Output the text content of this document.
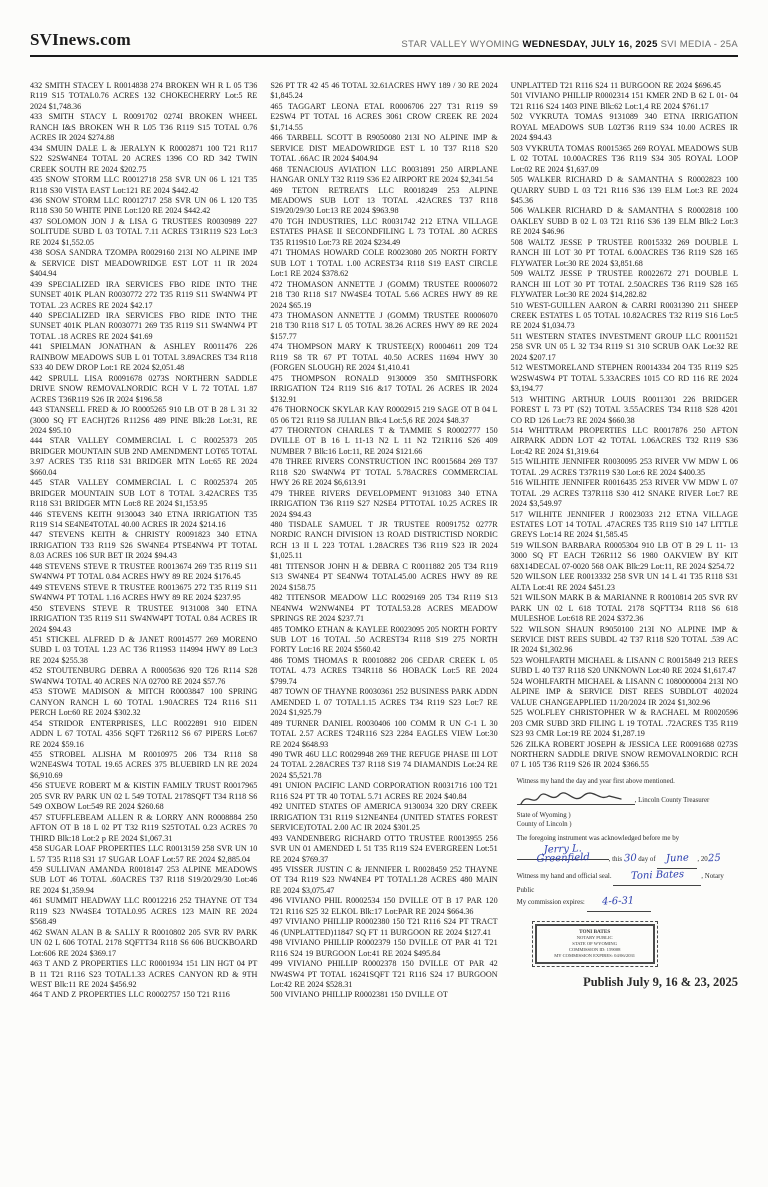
SVInews.com	STAR VALLEY WYOMING WEDNESDAY, JULY 16, 2025 SVI MEDIA - 25A

432 SMITH STACEY L R0014838 274 BROKEN WH R L 05 T36 R119 S15 TOTAL0.76 ACRES 132 CHOKECHERRY Lot:5 RE 2024 $1,748.36

433 SMITH STACY L R0091702 0274I BROKEN WHEEL RANCH I&S BROKEN WH R L05 T36 R119 S15 TOTAL 0.76 ACRES IR 2024 $274.88

434 SMUIN DALE L & JERALYN K R0002871 100 T21 R117 S22 S2SW4NE4 TOTAL 20 ACRES 1396 CO RD 342 TWIN CREEK SOUTH RE 2024 $202.75

435 SNOW STORM LLC R0012718 258 SVR UN 06 L 121 T35 R118 S30 VISTA EAST Lot:121 RE 2024 $442.42

436 SNOW STORM LLC R0012717 258 SVR UN 06 L 120 T35 R118 S30 50 WHITE PINE Lot:120 RE 2024 $442.42

437 SOLOMON JON J & LISA G TRUSTEES R0030989 227 SOLITUDE SUBD L 03 TOTAL 7.11 ACRES T31R119 S23 Lot:3 RE 2024 $1,552.05

438 SOSA SANDRA TZOMPA R0029160 213I NO ALPINE IMP & SERVICE DIST MEADOWRIDGE EST LOT 11 IR 2024 $404.94

439 SPECIALIZED IRA SERVICES FBO RIDE INTO THE SUNSET 401K PLAN R0030772 272 T35 R119 S11 SW4NW4 PT TOTAL .23 ACRES RE 2024 $42.17

440 SPECIALIZED IRA SERVICES FBO RIDE INTO THE SUNSET 401K PLAN R0030771 269 T35 R119 S11 SW4NW4 PT TOTAL .18 ACRES RE 2024 $41.69

441 SPIELMAN JONATHAN & ASHLEY R0011476 226 RAINBOW MEADOWS SUB L 01 TOTAL 3.89ACRES T34 R118 S33 40 DEW DROP Lot:1 RE 2024 $2,051.48

442 SPRULL LISA R0091678 0273S NORTHERN SADDLE DRIVE SNOW REMOVALNORDIC RCH V L 72 TOTAL 1.87 ACRES T36R119 S26 IR 2024 $196.58

443 STANSELL FRED & JO R0005265 910 LB OT B 28 L 31 32 (3000 SQ FT EACH)T26 R112S6 489 PINE Blk:28 Lot:31, RE 2024 $95.10

444 STAR VALLEY COMMERCIAL L C R0025373 205 BRIDGER MOUNTAIN SUB 2ND AMENDMENT LOT65 TOTAL 3.97 ACRES T35 R118 S31 BRIDGER MTN Lot:65 RE 2024 $660.04

445 STAR VALLEY COMMERCIAL L C R0025374 205 BRIDGER MOUNTAIN SUB LOT 8 TOTAL 3.42ACRES T35 R118 S31 BRIDGER MTN Lot:8 RE 2024 $1,153.95

446 STEVENS KEITH 9130043 340 ETNA IRRIGATION T35 R119 S14 SE4NE4TOTAL 40.00 ACRES IR 2024 $214.16

447 STEVENS KEITH & CHRISTY R0091823 340 ETNA IRRIGATION T33 R119 S26 SW4NE4 PTSE4NW4 PT TOTAL 8.03 ACRES 106 SUR BET IR 2024 $94.43

448 STEVENS STEVE R TRUSTEE R0013674 269 T35 R119 S11 SW4NW4 PT TOTAL 0.84 ACRES HWY 89 RE 2024 $176.45

449 STEVENS STEVE R TRUSTEE R0013675 272 T35 R119 S11 SW4NW4 PT TOTAL 1.16 ACRES HWY 89 RE 2024 $237.95

450 STEVENS STEVE R TRUSTEE 9131008 340 ETNA IRRIGATION T35 R119 S11 SW4NW4PT TOTAL 0.84 ACRES IR 2024 $94.43

451 STICKEL ALFRED D & JANET R0014577 269 MORENO SUBD L 03 TOTAL 1.23 AC T36 R119S3 114994 HWY 89 Lot:3 RE 2024 $255.38

452 STOUTENBURG DEBRA A R0005636 920 T26 R114 S28 SW4NW4 TOTAL 40 ACRES N/A 02700 RE 2024 $57.76

453 STOWE MADISON & MITCH R0003847 100 SPRING CANYON RANCH L 60 TOTAL 1.90ACRES T24 R116 S11 PERCH Lot:60 RE 2024 $302.32

454 STRIDOR ENTERPRISES, LLC R0022891 910 EIDEN ADDN L 67 TOTAL 4356 SQFT T26R112 S6 67 PIPERS Lot:67 RE 2024 $59.16

455 STROBEL ALISHA M R0010975 206 T34 R118 S8 W2NE4SW4 TOTAL 19.65 ACRES 375 BLUEBIRD LN RE 2024 $6,910.69

456 STUEVE ROBERT M & KISTIN FAMILY TRUST R0017965 205 SVR RV PARK UN 02 L 549 TOTAL 2178SQFT T34 R118 S6 549 OXBOW Lot:549 RE 2024 $260.68

457 STUFFLEBEAM ALLEN R & LORRY ANN R0008884 250 AFTON OT B 18 L 02 PT T32 R119 S25TOTAL 0.23 ACRES 70 THIRD Blk:18 Lot:2 p RE 2024 $1,067.31

458 SUGAR LOAF PROPERTIES LLC R0013159 258 SVR UN 10 L 57 T35 R118 S31 17 SUGAR LOAF Lot:57 RE 2024 $2,885.04

459 SULLIVAN AMANDA R0018147 253 ALPINE MEADOWS SUB LOT 46 TOTAL .60ACRES T37 R118 S19/20/29/30 Lot:46 RE 2024 $1,359.94

461 SUMMIT HEADWAY LLC R0012216 252 THAYNE OT T34 R119 S23 NW4SE4 TOTAL0.95 ACRES 123 MAIN RE 2024 $568.49

462 SWAN ALAN B & SALLY R R0010802 205 SVR RV PARK UN 02 L 606 TOTAL 2178 SQFTT34 R118 S6 606 BUCKBOARD Lot:606 RE 2024 $369.17

463 T AND Z PROPERTIES LLC R0001934 151 LIN HGT 04 PT B 11 T21 R116 S23 TOTAL1.33 ACRES CANYON RD & 9TH WEST Blk:11 RE 2024 $456.92

464 T AND Z PROPERTIES LLC R0002757 150 T21 R116

S26 PT TR 42 45 46 TOTAL 32.61ACRES HWY 189 / 30 RE 2024 $1,845.24

465 TAGGART LEONA ETAL R0006706 227 T31 R119 S9 E2SW4 PT TOTAL 16 ACRES 3061 CROW CREEK RE 2024 $1,714.55

466 TARBELL SCOTT B R9050080 213I NO ALPINE IMP & SERVICE DIST MEADOWRIDGE EST L 10 T37 R118 S20 TOTAL .66AC IR 2024 $404.94

468 TENACIOUS AVIATION LLC R0031891 250 AIRPLANE HANGAR ONLY T32 R119 S36 E2 AIRPORT RE 2024 $2,341.54

469 TETON RETREATS LLC R0018249 253 ALPINE MEADOWS SUB LOT 13 TOTAL .42ACRES T37 R118 S19/20/29/30 Lot:13 RE 2024 $963.98

470 TGH INDUSTRIES, LLC R0031742 212 ETNA VILLAGE ESTATES PHASE II SECONDFILING L 73 TOTAL .80 ACRES T35 R119S10 Lot:73 RE 2024 $234.49

471 THOMAS HOWARD COLE R0023080 205 NORTH FORTY SUB LOT 1 TOTAL 1.00 ACREST34 R118 S19 EAST CIRCLE Lot:1 RE 2024 $378.62

472 THOMASON ANNETTE J (GOMM) TRUSTEE R0006072 218 T30 R118 S17 NW4SE4 TOTAL 5.66 ACRES HWY 89 RE 2024 $65.19

473 THOMASON ANNETTE J (GOMM) TRUSTEE R0006070 218 T30 R118 S17 L 05 TOTAL 38.26 ACRES HWY 89 RE 2024 $157.77

474 THOMPSON MARY K TRUSTEE(X) R0004611 209 T24 R119 S8 TR 67 PT TOTAL 40.50 ACRES 11694 HWY 30 (FORGEN SLOUGH) RE 2024 $1,410.41

475 THOMPSON RONALD 9130009 350 SMITHSFORK IRRIGATION T24 R119 S16 &17 TOTAL 26 ACRES IR 2024 $132.91

476 THORNOCK SKYLAR KAY R0002915 219 SAGE OT B 04 L 05 06 T21 R119 S8 JULIAN Blk:4 Lot:5,6 RE 2024 $48.37

477 THORNTON CHARLES T & TAMMIE S R0002777 150 DVILLE OT B 16 L 11-13 N2 L 11 N2 T21R116 S26 409 NUMBER 7 Blk:16 Lot:11, RE 2024 $121.66

478 THREE RIVERS CONSTRUCTION INC R0015684 269 T37 R118 S20 SW4NW4 PT TOTAL 5.78ACRES COMMERCIAL HWY 26 RE 2024 $6,613.91

479 THREE RIVERS DEVELOPMENT 9131083 340 ETNA IRRIGATION T36 R119 S27 N2SE4 PTTOTAL 10.25 ACRES IR 2024 $94.43

480 TISDALE SAMUEL T JR TRUSTEE R0091752 0277R NORDIC RANCH DIVISION 13 ROAD DISTRICTISD NORDIC RCH 13 II L 223 TOTAL 1.28ACRES T36 R119 S23 IR 2024 $1,025.11

481 TITENSOR JOHN H & DEBRA C R0011882 205 T34 R119 S13 SW4NE4 PT SE4NW4 TOTAL45.00 ACRES HWY 89 RE 2024 $158.75

482 TITENSOR MEADOW LLC R0029169 205 T34 R119 S13 NE4NW4 W2NW4NE4 PT TOTAL53.28 ACRES MEADOW SPRINGS RE 2024 $237.71

485 TOMKO ETHAN & KAYLEE R0023095 205 NORTH FORTY SUB LOT 16 TOTAL .50 ACREST34 R118 S19 275 NORTH FORTY Lot:16 RE 2024 $560.42

486 TOMS THOMAS R R0010882 206 CEDAR CREEK L 05 TOTAL 4.73 ACRES T34R118 S6 HOBACK Lot:5 RE 2024 $799.74

487 TOWN OF THAYNE R0030361 252 BUSINESS PARK ADDN AMENDED L 07 TOTAL1.15 ACRES T34 R119 S23 Lot:7 RE 2024 $1,925.79

489 TURNER DANIEL R0030406 100 COMM R UN C-1 L 30 TOTAL 2.57 ACRES T24R116 S23 2284 EAGLES VIEW Lot:30 RE 2024 $648.93

490 TWR 46U LLC R0029948 269 THE REFUGE PHASE III LOT 24 TOTAL 2.28ACRES T37 R118 S19 74 DIAMANDIS Lot:24 RE 2024 $5,521.78

491 UNION PACIFIC LAND CORPORATION R0031716 100 T21 R116 S24 PT TR 40 TOTAL 5.71 ACRES RE 2024 $40.84

492 UNITED STATES OF AMERICA 9130034 320 DRY CREEK IRRIGATION T31 R119 S12NE4NE4 (UNITED STATES FOREST SERVICE)TOTAL 2.00 AC IR 2024 $301.25

493 VANDENBERG RICHARD OTTO TRUSTEE R0013955 256 SVR UN 01 AMENDED L 51 T35 R119 S24 EVERGREEN Lot:51 RE 2024 $769.37

495 VISSER JUSTIN C & JENNIFER L R0028459 252 THAYNE OT T34 R119 S23 NW4NE4 PT TOTAL1.28 ACRES 480 MAIN RE 2024 $3,075.47

496 VIVIANO PHIL R0002534 150 DVILLE OT B 17 PAR 120 T21 R116 S25 32 ELKOL Blk:17 Lot:PAR RE 2024 $664.36

497 VIVIANO PHILLIP R0002380 150 T21 R116 S24 PT TRACT 46 (UNPLATTED)11847 SQ FT 11 BURGOON RE 2024 $127.41

498 VIVIANO PHILLIP R0002379 150 DVILLE OT PAR 41 T21 R116 S24 19 BURGOON Lot:41 RE 2024 $495.84

499 VIVIANO PHILLIP R0002378 150 DVILLE OT PAR 42 NW4SW4 PT TOTAL 16241SQFT T21 R116 S24 17 BURGOON Lot:42 RE 2024 $528.31

500 VIVIANO PHILLIP R0002381 150 DVILLE OT

UNPLATTED T21 R116 S24 11 BURGOON RE 2024 $696.45

501 VIVIANO PHILLIP R0002314 151 KMER 2ND B 62 L 01- 04 T21 R116 S24 1403 PINE Blk:62 Lot:1,4 RE 2024 $761.17

502 VYKRUTA TOMAS 9131089 340 ETNA IRRIGATION ROYAL MEADOWS SUB L02T36 R119 S34 10.00 ACRES IR 2024 $94.43

503 VYKRUTA TOMAS R0015365 269 ROYAL MEADOWS SUB L 02 TOTAL 10.00ACRES T36 R119 S34 305 ROYAL LOOP Lot:02 RE 2024 $1,637.09

505 WALKER RICHARD D & SAMANTHA S R0002823 100 QUARRY SUBD L 03 T21 R116 S36 139 ELM Lot:3 RE 2024 $45.36

506 WALKER RICHARD D & SAMANTHA S R0002818 100 OAKLEY SUBD B 02 L 03 T21 R116 S36 139 ELM Blk:2 Lot:3 RE 2024 $46.96

508 WALTZ JESSE P TRUSTEE R0015332 269 DOUBLE L RANCH III LOT 30 PT TOTAL 6.00ACRES T36 R119 S28 165 FLYWATER Lot:30 RE 2024 $3,851.68

509 WALTZ JESSE P TRUSTEE R0022672 271 DOUBLE L RANCH III LOT 30 PT TOTAL 2.50ACRES T36 R119 S28 165 FLYWATER Lot:30 RE 2024 $14,282.82

510 WEST-GUILLEN AARON & CARRI R0031390 211 SHEEP CREEK ESTATES L 05 TOTAL 10.82ACRES T32 R119 S16 Lot:5 RE 2024 $1,034.73

511 WESTERN STATES INVESTMENT GROUP LLC R0011521 258 SVR UN 05 L 32 T34 R119 S1 310 SCRUB OAK Lot:32 RE 2024 $207.17

512 WESTMORELAND STEPHEN R0014334 204 T35 R119 S25 W2SW4SW4 PT TOTAL 5.33ACRES 1015 CO RD 116 RE 2024 $3,194.77

513 WHITING ARTHUR LOUIS R0011301 226 BRIDGER FOREST L 73 PT (S2) TOTAL 3.55ACRES T34 R118 S28 4201 CO RD 126 Lot:73 RE 2024 $660.38

514 WHITTRAM PROPERTIES LLC R0017876 250 AFTON AIRPARK ADDN LOT 42 TOTAL 1.06ACRES T32 R119 S36 Lot:42 RE 2024 $1,319.64

515 WILHITE JENNIFER R0030095 253 RIVER VW MDW L 06 TOTAL .29 ACRES T37R119 S30 Lot:6 RE 2024 $400.35

516 WILHITE JENNIFER R0016435 253 RIVER VW MDW L 07 TOTAL .29 ACRES T37R118 S30 412 SNAKE RIVER Lot:7 RE 2024 $3,549.97

517 WILHITE JENNIFER J R0023033 212 ETNA VILLAGE ESTATES LOT 14 TOTAL .47ACRES T35 R119 S10 147 LITTLE GREYS Lot:14 RE 2024 $1,585.45

519 WILSON BARBARA R0005304 910 LB OT B 29 L 11- 13 3000 SQ FT EACH T26R112 S6 1980 OAKVIEW BY KIT 68X14DECAL 07-0020 568 OAK Blk:29 Lot:11, RE 2024 $254.72

520 WILSON LEE R0013332 258 SVR UN 14 L 41 T35 R118 S31 ALTA Lot:41 RE 2024 $451.23

521 WILSON MARK B & MARIANNE R R0010814 205 SVR RV PARK UN 02 L 618 TOTAL 2178 SQFTT34 R118 S6 618 MULESHOE Lot:618 RE 2024 $372.36

522 WILSON SHAUN R9050100 213I NO ALPINE IMP & SERVICE DIST REES SUBDL 42 T37 R118 S20 TOTAL .539 AC IR 2024 $1,302.96

523 WOHLFARTH MICHAEL & LISANN C R0015849 213 REES SUBD L 40 T37 R118 S20 UNKNOWN Lot:40 RE 2024 $1,617.47

524 WOHLFARTH MICHAEL & LISANN C 1080000004 213I NO ALPINE IMP & SERVICE DIST REES SUBDLOT 402024 VALUE CHANGEAPPLIED 11/20/2024 IR 2024 $1,302.96

525 WOLFLEY CHRISTOPHER W & RACHAEL M R0020596 203 CMR SUBD 3RD FILING L 19 TOTAL .72ACRES T35 R119 S23 93 CMR Lot:19 RE 2024 $1,287.19

526 ZILKA ROBERT JOSEPH & JESSICA LEE R0091688 0273S NORTHERN SADDLE DRIVE SNOW REMOVALNORDIC RCH 07 L 105 T36 R119 S26 IR 2024 $366.55

Witness my hand the day and year first above mentioned.
, Lincoln County Treasurer
State of Wyoming )
County of Lincoln )
The foregoing instrument was acknowledged before me by
Jerry L. Greenfield	, this 30 day of June , 2025
Witness my hand and official seal. Toni Bates	, Notary Public
My commission expires: 4-6-31
TONI BATES
NOTARY PUBLIC
STATE OF WYOMING
COMMISSION ID: 159008
MY COMMISSION EXPIRES: 04/06/2031
Publish July 9, 16 & 23, 2025
